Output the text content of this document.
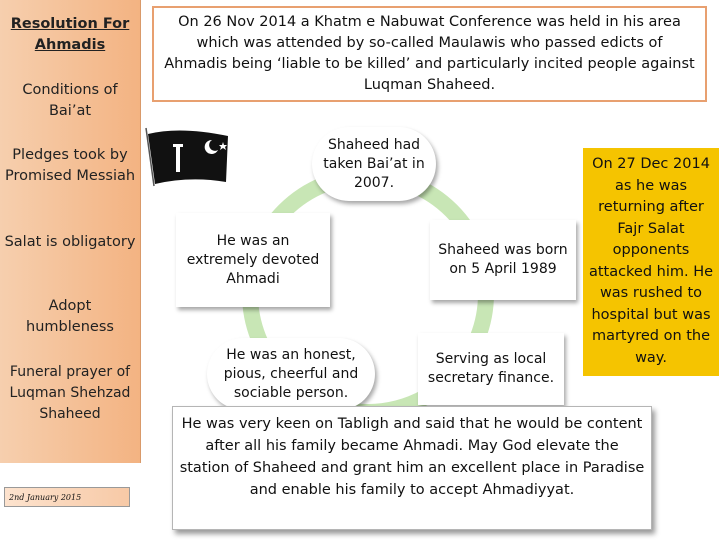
Resolution For Ahmadis
Conditions of Bai’at
Pledges took by Promised Messiah
Salat is obligatory
Adopt humbleness
Funeral prayer of Luqman Shehzad Shaheed
2nd January 2015
On 26 Nov 2014 a Khatm e Nabuwat Conference was held in his area which was attended by so-called Maulawis who passed edicts of Ahmadis being ‘liable to be killed’ and particularly incited people against Luqman Shaheed.
Shaheed had taken Bai’at in 2007.
He was an extremely devoted Ahmadi
Shaheed was born on 5 April 1989
He was an honest, pious, cheerful and sociable person.
Serving as local secretary finance.
On 27 Dec 2014 as he was returning after Fajr Salat opponents attacked him. He was rushed to hospital but was martyred on the way.
He was very keen on Tabligh and said that he would be content after all his family became Ahmadi. May God elevate the station of Shaheed and grant him an excellent place in Paradise and enable his family to accept Ahmadiyyat.
